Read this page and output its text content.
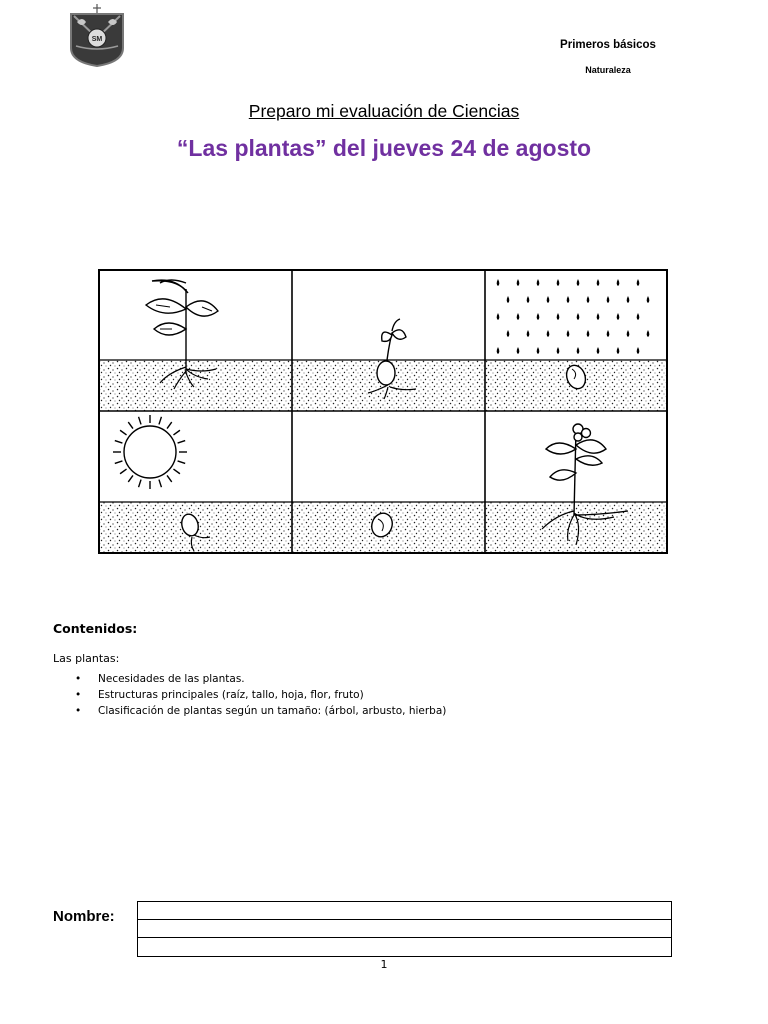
SM	Primeros básicos
Naturaleza
Preparo mi evaluación de Ciencias
“Las plantas” del jueves 24 de agosto
Contenidos:
Las plantas:
• Necesidades de las plantas.
• Estructuras principales (raíz, tallo, hoja, flor, fruto)
• Clasificación de plantas según un tamaño: (árbol, arbusto, hierba)
Nombre:
1
